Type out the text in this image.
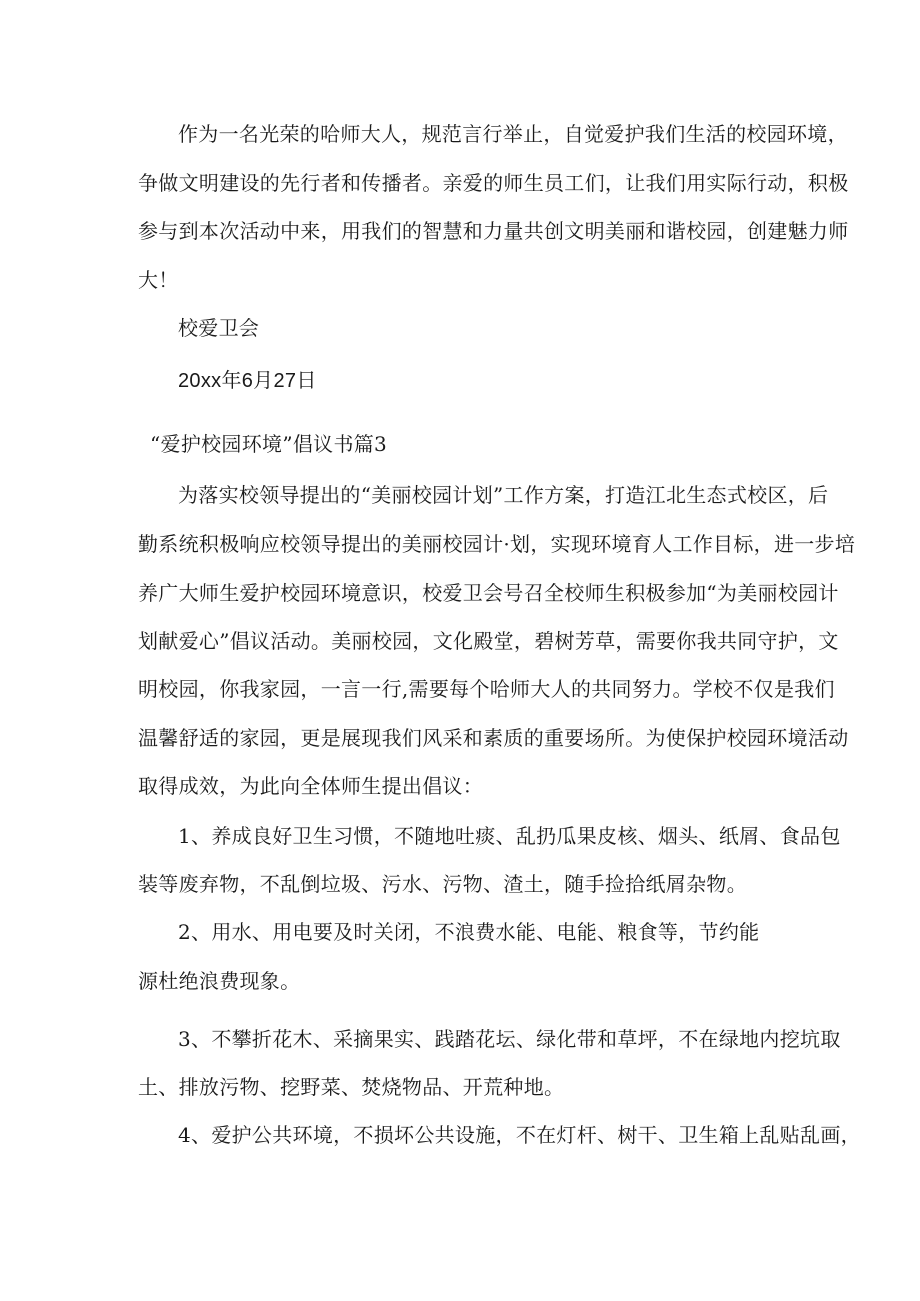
作为一名光荣的哈师大人，规范言行举止，自觉爱护我们生活的校园环境，
争做文明建设的先行者和传播者。亲爱的师生员工们，让我们用实际行动，积极
参与到本次活动中来，用我们的智慧和力量共创文明美丽和谐校园，创建魅力师
大！
校爱卫会
20xx年6月27日
“爱护校园环境”倡议书篇3
为落实校领导提出的“美丽校园计划”工作方案，打造江北生态式校区，后
勤系统积极响应校领导提出的美丽校园计·划，实现环境育人工作目标，进一步培
养广大师生爱护校园环境意识，校爱卫会号召全校师生积极参加“为美丽校园计
划献爱心”倡议活动。美丽校园，文化殿堂，碧树芳草，需要你我共同守护，文
明校园，你我家园，一言一行,需要每个哈师大人的共同努力。学校不仅是我们
温馨舒适的家园，更是展现我们风采和素质的重要场所。为使保护校园环境活动
取得成效，为此向全体师生提出倡议：
1、养成良好卫生习惯，不随地吐痰、乱扔瓜果皮核、烟头、纸屑、食品包
装等废弃物，不乱倒垃圾、污水、污物、渣土，随手捡拾纸屑杂物。
2、用水、用电要及时关闭，不浪费水能、电能、粮食等，节约能
源杜绝浪费现象。
3、不攀折花木、采摘果实、践踏花坛、绿化带和草坪，不在绿地内挖坑取
土、排放污物、挖野菜、焚烧物品、开荒种地。
4、爱护公共环境，不损坏公共设施，不在灯杆、树干、卫生箱上乱贴乱画，
